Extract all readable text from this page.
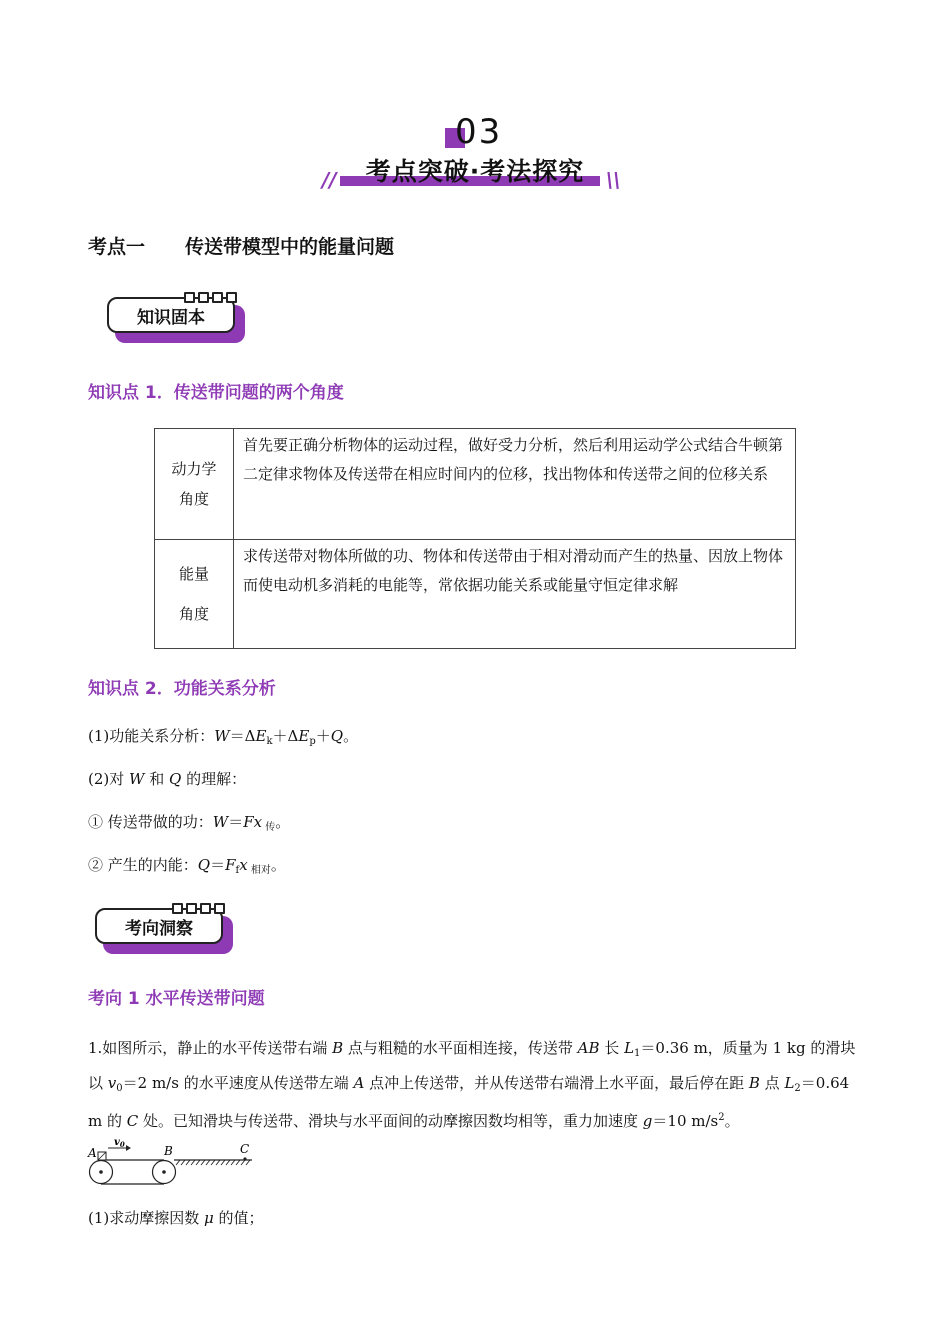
03
//	考点突破·考法探究	\\
考点一 传送带模型中的能量问题
知识固本
知识点 1．传送带问题的两个角度
动力学
角度	首先要正确分析物体的运动过程，做好受力分析，然后利用运动学公式结合牛顿第二定律求物体及传送带在相应时间内的位移，找出物体和传送带之间的位移关系

能量
角度	求传送带对物体所做的功、物体和传送带由于相对滑动而产生的热量、因放上物体而使电动机多消耗的电能等，常依据功能关系或能量守恒定律求解
知识点 2．功能关系分析
(1)功能关系分析：$W=\Delta E_k+\Delta E_p+Q$。
(2)对 W 和 Q 的理解：
① 传送带做的功：W＝Fx $_传$。
② 产生的内能：$Q=F_fx$ $_{相对}$。
考向洞察
考向 1 水平传送带问题
1.如图所示，静止的水平传送带右端 B 点与粗糙的水平面相连接，传送带 AB 长 $L_1=0.36$ m，质量为 1 kg 的滑块以 $v_0=2$ m/s 的水平速度从传送带左端 A 点冲上传送带，并从传送带右端滑上水平面，最后停在距 B 点 $L_2=0.64$ m 的 C 处。已知滑块与传送带、滑块与水平面间的动摩擦因数均相等，重力加速度 g＝10 $m/s^2$。
$v_0$
A	B	C
(1)求动摩擦因数 μ 的值；
